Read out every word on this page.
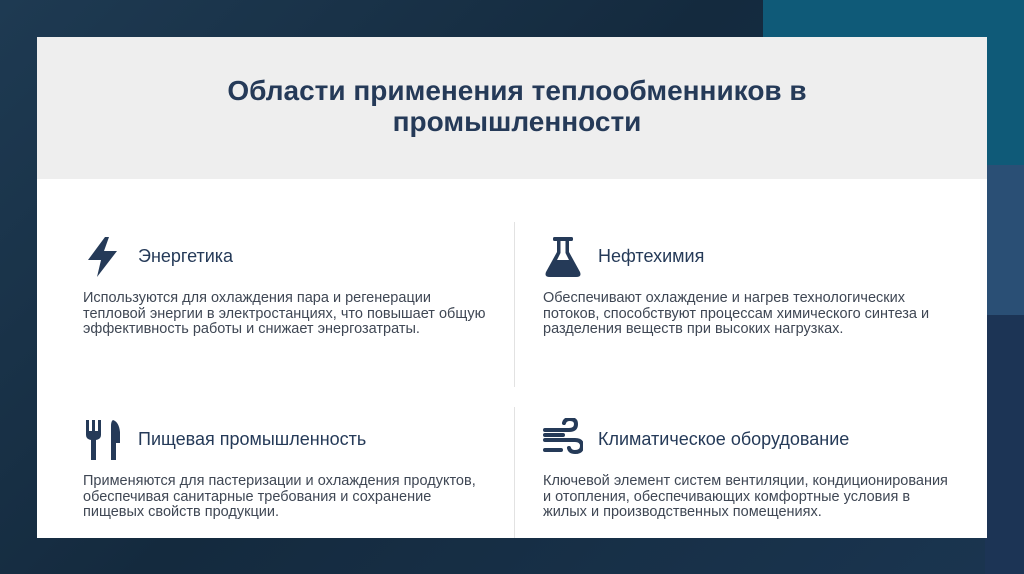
Области применения теплообменников в промышленности
Энергетика
Используются для охлаждения пара и регенерации тепловой энергии в электростанциях, что повышает общую эффективность работы и снижает энергозатраты.
Нефтехимия
Обеспечивают охлаждение и нагрев технологических потоков, способствуют процессам химического синтеза и разделения веществ при высоких нагрузках.
Пищевая промышленность
Применяются для пастеризации и охлаждения продуктов, обеспечивая санитарные требования и сохранение пищевых свойств продукции.
Климатическое оборудование
Ключевой элемент систем вентиляции, кондиционирования и отопления, обеспечивающих комфортные условия в жилых и производственных помещениях.
